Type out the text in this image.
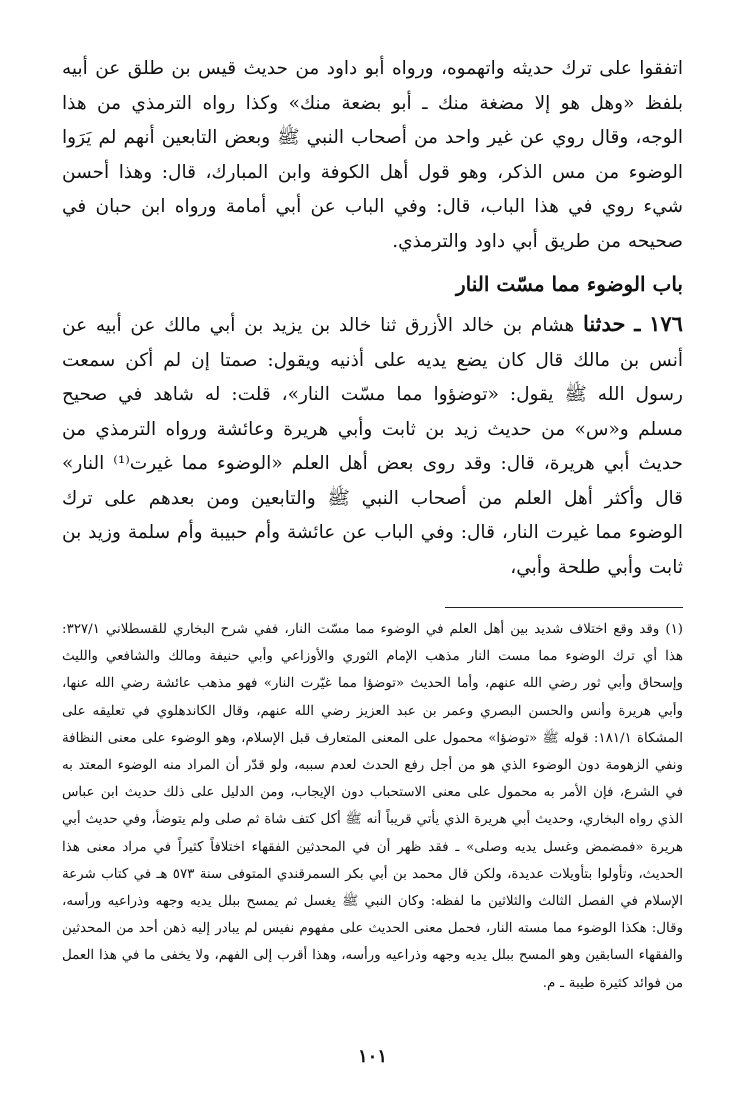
اتفقوا على ترك حديثه واتهموه، ورواه أبو داود من حديث قيس بن طلق عن أبيه بلفظ «وهل هو إلا مضغة منك ـ أبو بضعة منك» وكذا رواه الترمذي من هذا الوجه، وقال روي عن غير واحد من أصحاب النبي ﷺ وبعض التابعين أنهم لم يَرَوا الوضوء من مس الذكر، وهو قول أهل الكوفة وابن المبارك، قال: وهذا أحسن شيء روي في هذا الباب، قال: وفي الباب عن أبي أمامة ورواه ابن حبان في صحيحه من طريق أبي داود والترمذي.

باب الوضوء مما مسّت النار

١٧٦ ـ حدثنا هشام بن خالد الأزرق ثنا خالد بن يزيد بن أبي مالك عن أبيه عن أنس بن مالك قال كان يضع يديه على أذنيه ويقول: صمتا إن لم أكن سمعت رسول الله ﷺ يقول: «توضؤوا مما مسّت النار»، قلت: له شاهد في صحيح مسلم و«س» من حديث زيد بن ثابت وأبي هريرة وعائشة ورواه الترمذي من حديث أبي هريرة، قال: وقد روى بعض أهل العلم «الوضوء مما غيرت⁽¹⁾ النار» قال وأكثر أهل العلم من أصحاب النبي ﷺ والتابعين ومن بعدهم على ترك الوضوء مما غيرت النار، قال: وفي الباب عن عائشة وأم حبيبة وأم سلمة وزيد بن ثابت وأبي طلحة وأبي،

(١) وقد وقع اختلاف شديد بين أهل العلم في الوضوء مما مسّت النار، ففي شرح البخاري للقسطلاني ٣٢٧/١: هذا أي ترك الوضوء مما مست النار مذهب الإمام الثوري والأوزاعي وأبي حنيفة ومالك والشافعي والليث وإسحاق وأبي ثور رضي الله عنهم، وأما الحديث «توضؤا مما غيّرت النار» فهو مذهب عائشة رضي الله عنها، وأبي هريرة وأنس والحسن البصري وعمر بن عبد العزيز رضي الله عنهم، وقال الكاندهلوي في تعليقه على المشكاة ١٨١/١: قوله ﷺ «توضؤا» محمول على المعنى المتعارف قبل الإسلام، وهو الوضوء على معنى النظافة ونفي الزهومة دون الوضوء الذي هو من أجل رفع الحدث لعدم سببه، ولو قدّر أن المراد منه الوضوء المعتد به في الشرع، فإن الأمر به محمول على معنى الاستحباب دون الإيجاب، ومن الدليل على ذلك حديث ابن عباس الذي رواه البخاري، وحديث أبي هريرة الذي يأتي قريباً أنه ﷺ أكل كتف شاة ثم صلى ولم يتوضأ، وفي حديث أبي هريرة «فمضمض وغسل يديه وصلى» ـ فقد ظهر أن في المحدثين الفقهاء اختلافاً كثيراً في مراد معنى هذا الحديث، وتأولوا بتأويلات عديدة، ولكن قال محمد بن أبي بكر السمرقندي المتوفى سنة ٥٧٣ هـ في كتاب شرعة الإسلام في الفصل الثالث والثلاثين ما لفظه: وكان النبي ﷺ يغسل ثم يمسح ببلل يديه وجهه وذراعيه ورأسه، وقال: هكذا الوضوء مما مسته النار، فحمل معنى الحديث على مفهوم نفيس لم يبادر إليه ذهن أحد من المحدثين والفقهاء السابقين وهو المسح ببلل يديه وجهه وذراعيه ورأسه، وهذا أقرب إلى الفهم، ولا يخفى ما في هذا العمل من فوائد كثيرة طيبة ـ م.

١٠١
